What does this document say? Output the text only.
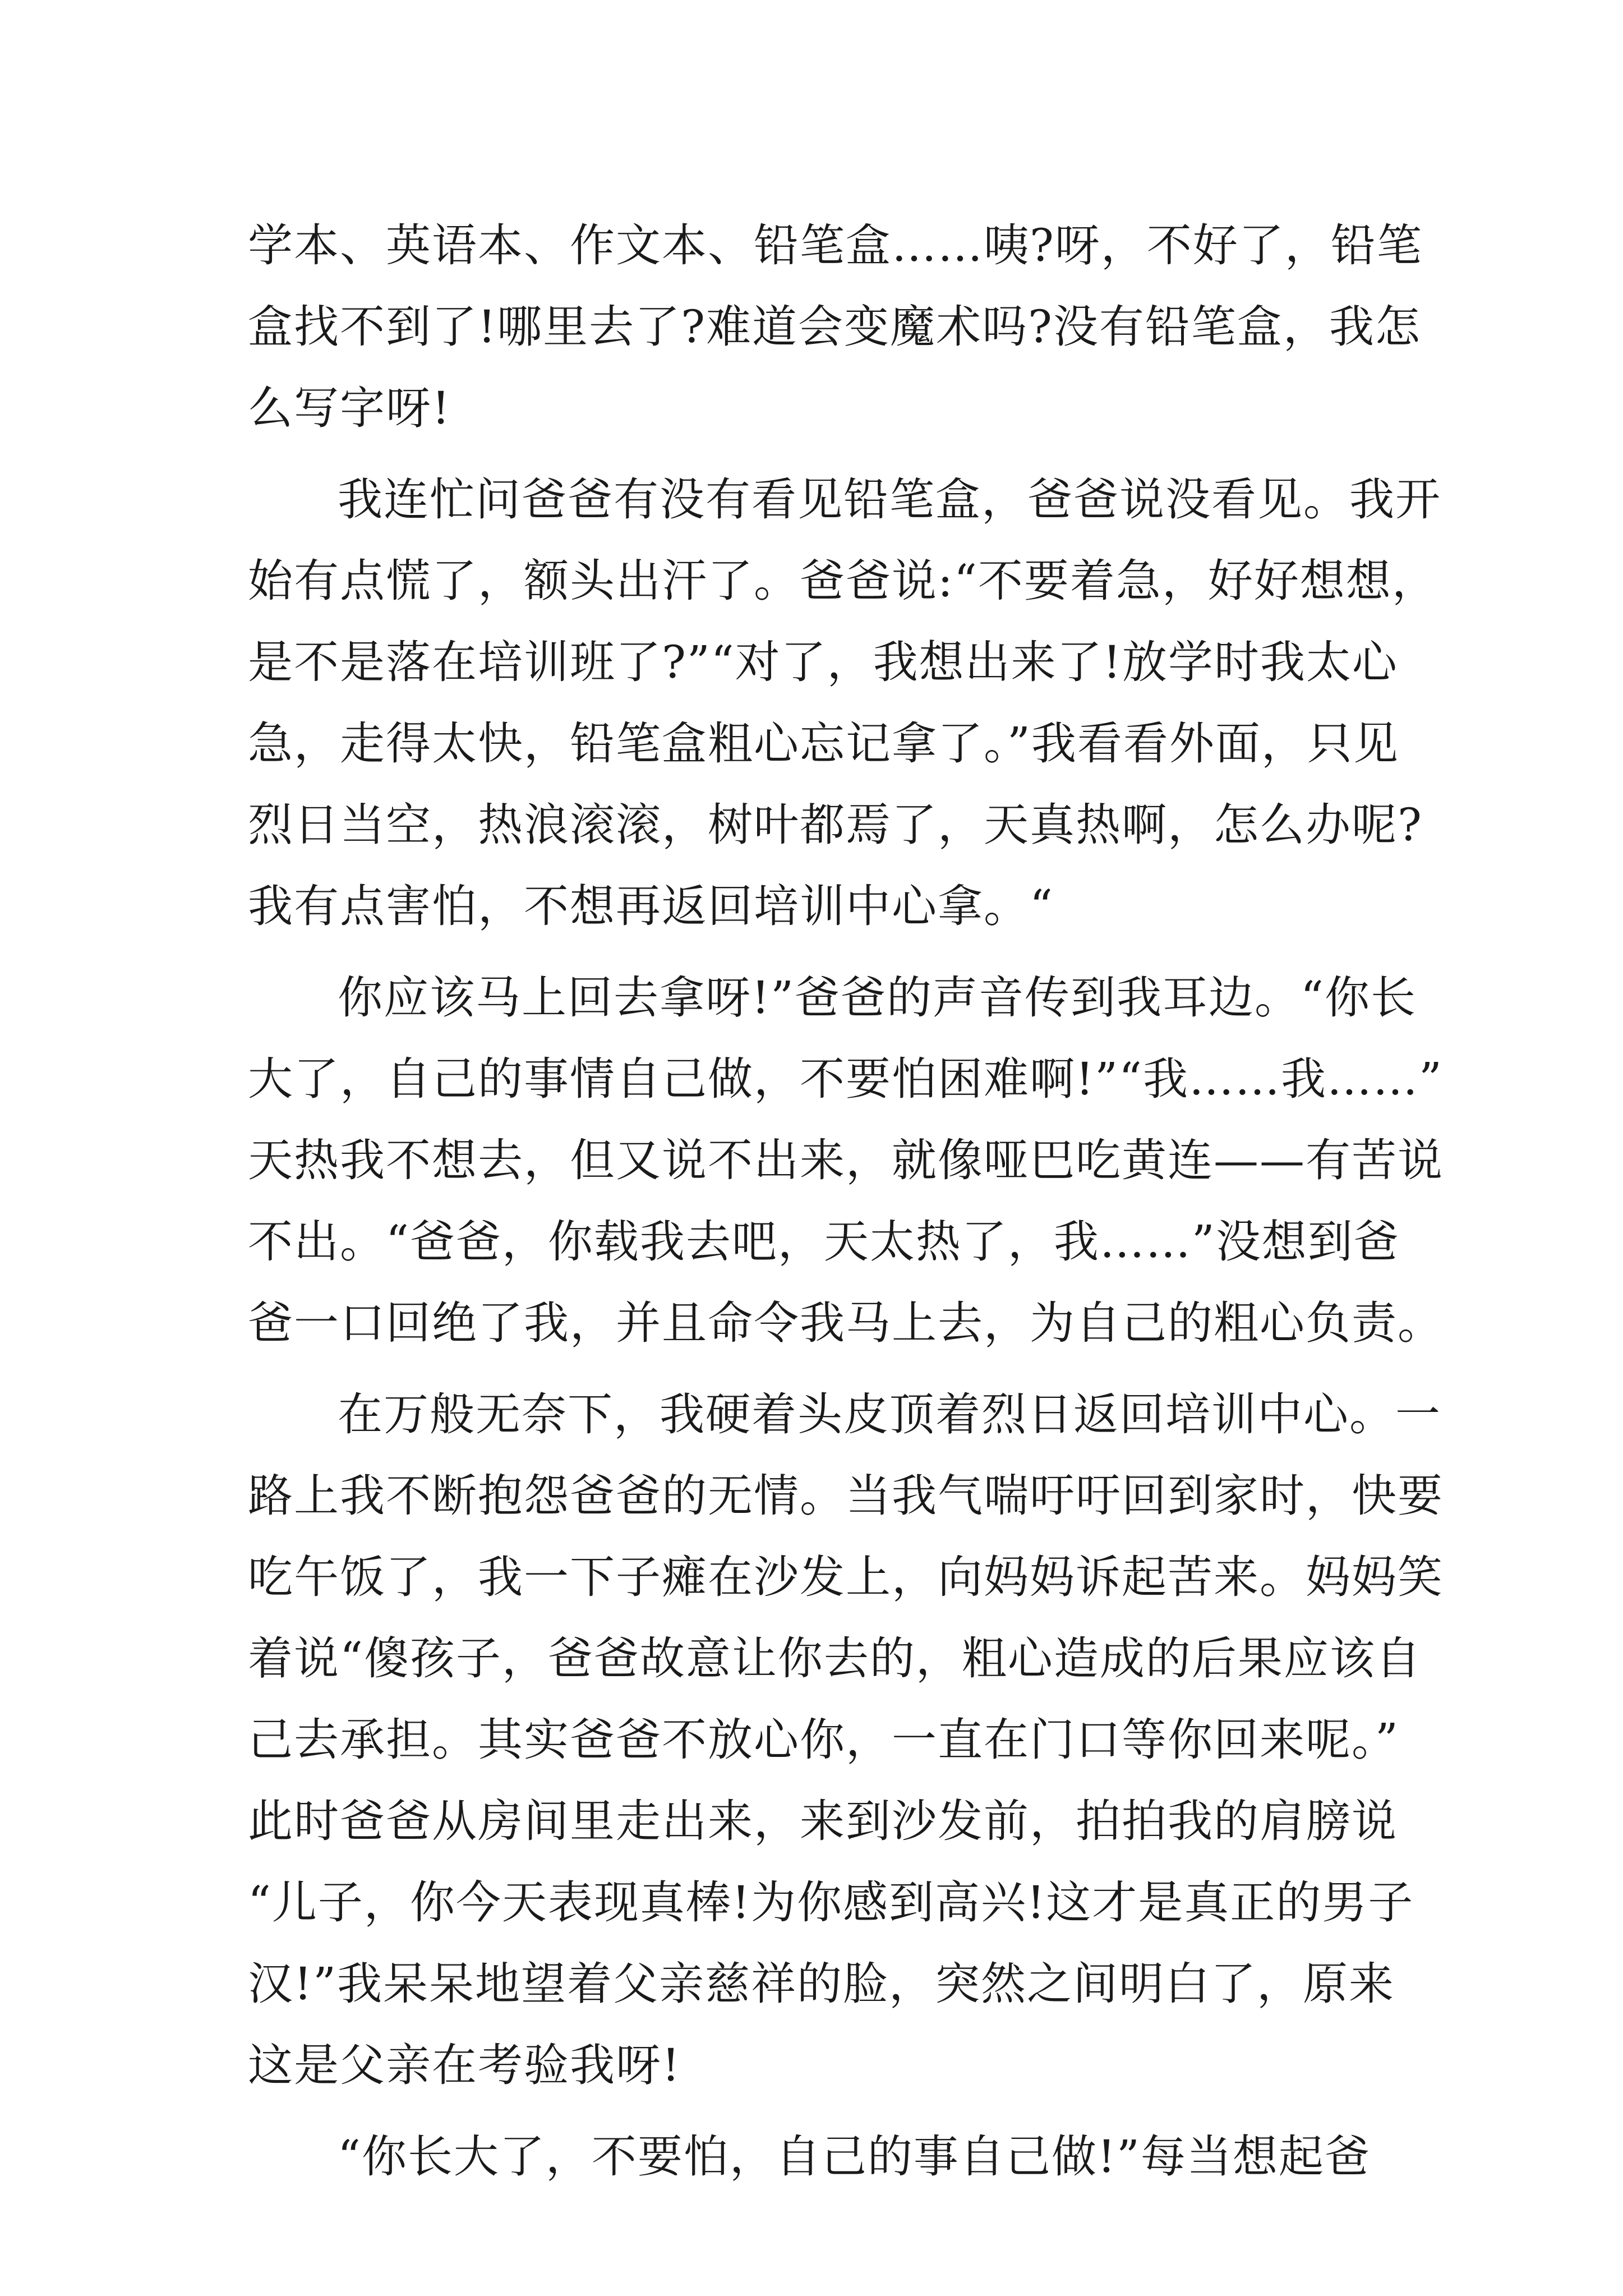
学本、英语本、作文本、铅笔盒……咦?呀，不好了，铅笔
盒找不到了!哪里去了?难道会变魔术吗?没有铅笔盒，我怎
么写字呀!
我连忙问爸爸有没有看见铅笔盒，爸爸说没看见。我开
始有点慌了，额头出汗了。爸爸说:“不要着急，好好想想，
是不是落在培训班了?”“对了，我想出来了!放学时我太心
急，走得太快，铅笔盒粗心忘记拿了。”我看看外面，只见
烈日当空，热浪滚滚，树叶都焉了，天真热啊，怎么办呢?
我有点害怕，不想再返回培训中心拿。“
你应该马上回去拿呀!”爸爸的声音传到我耳边。“你长
大了，自己的事情自己做，不要怕困难啊!”“我……我……”
天热我不想去，但又说不出来，就像哑巴吃黄连——有苦说
不出。“爸爸，你载我去吧，天太热了，我……”没想到爸
爸一口回绝了我，并且命令我马上去，为自己的粗心负责。
在万般无奈下，我硬着头皮顶着烈日返回培训中心。一
路上我不断抱怨爸爸的无情。当我气喘吁吁回到家时，快要
吃午饭了，我一下子瘫在沙发上，向妈妈诉起苦来。妈妈笑
着说“傻孩子，爸爸故意让你去的，粗心造成的后果应该自
己去承担。其实爸爸不放心你，一直在门口等你回来呢。”
此时爸爸从房间里走出来，来到沙发前，拍拍我的肩膀说
“儿子，你今天表现真棒!为你感到高兴!这才是真正的男子
汉!”我呆呆地望着父亲慈祥的脸，突然之间明白了，原来
这是父亲在考验我呀!
“你长大了，不要怕，自己的事自己做!”每当想起爸
